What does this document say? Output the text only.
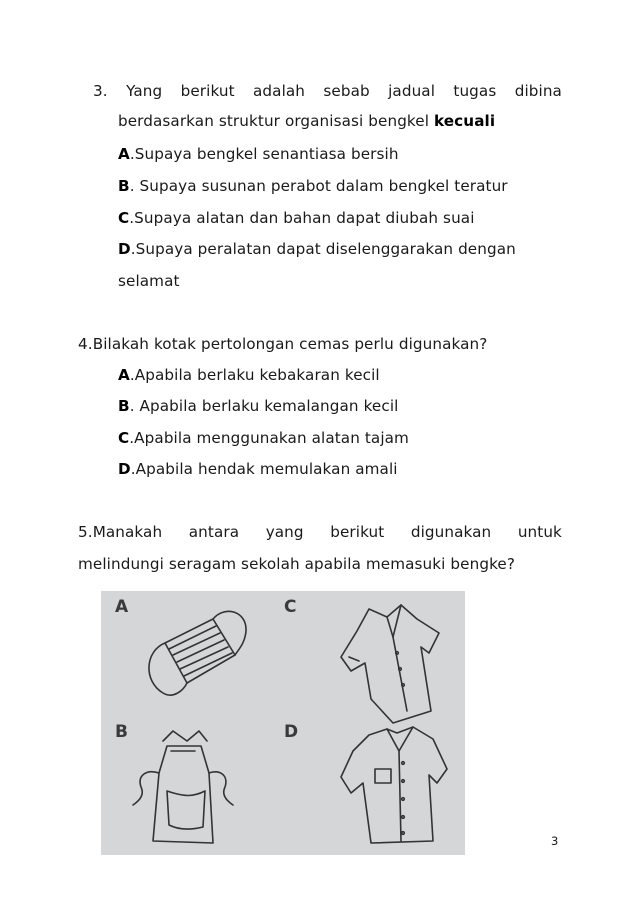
3. Yang berikut adalah sebab jadual tugas dibina
berdasarkan struktur organisasi bengkel kecuali
A.Supaya bengkel senantiasa bersih
B. Supaya susunan perabot dalam bengkel teratur
C.Supaya alatan dan bahan dapat diubah suai
D.Supaya peralatan dapat diselenggarakan dengan
selamat
4.Bilakah kotak pertolongan cemas perlu digunakan?
A.Apabila berlaku kebakaran kecil
B. Apabila berlaku kemalangan kecil
C.Apabila menggunakan alatan tajam
D.Apabila hendak memulakan amali
5.Manakah antara yang berikut digunakan untuk
melindungi seragam sekolah apabila memasuki bengke?
A	C
B	D
3
